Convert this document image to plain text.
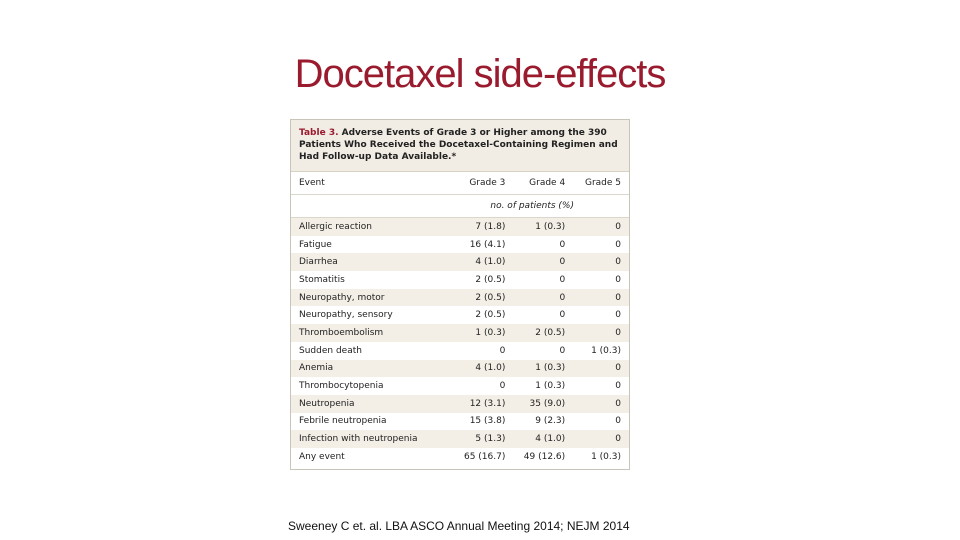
Docetaxel side-effects
Table 3. Adverse Events of Grade 3 or Higher among the 390 Patients Who Received the Docetaxel-Containing Regimen and Had Follow-up Data Available.*
Event	Grade 3	Grade 4	Grade 5
no. of patients (%)
Allergic reaction	7 (1.8)	1 (0.3)	0
Fatigue	16 (4.1)	0	0
Diarrhea	4 (1.0)	0	0
Stomatitis	2 (0.5)	0	0
Neuropathy, motor	2 (0.5)	0	0
Neuropathy, sensory	2 (0.5)	0	0
Thromboembolism	1 (0.3)	2 (0.5)	0
Sudden death	0	0	1 (0.3)
Anemia	4 (1.0)	1 (0.3)	0
Thrombocytopenia	0	1 (0.3)	0
Neutropenia	12 (3.1)	35 (9.0)	0
Febrile neutropenia	15 (3.8)	9 (2.3)	0
Infection with neutropenia	5 (1.3)	4 (1.0)	0
Any event	65 (16.7)	49 (12.6)	1 (0.3)
Sweeney C et. al. LBA ASCO Annual Meeting 2014; NEJM 2014
